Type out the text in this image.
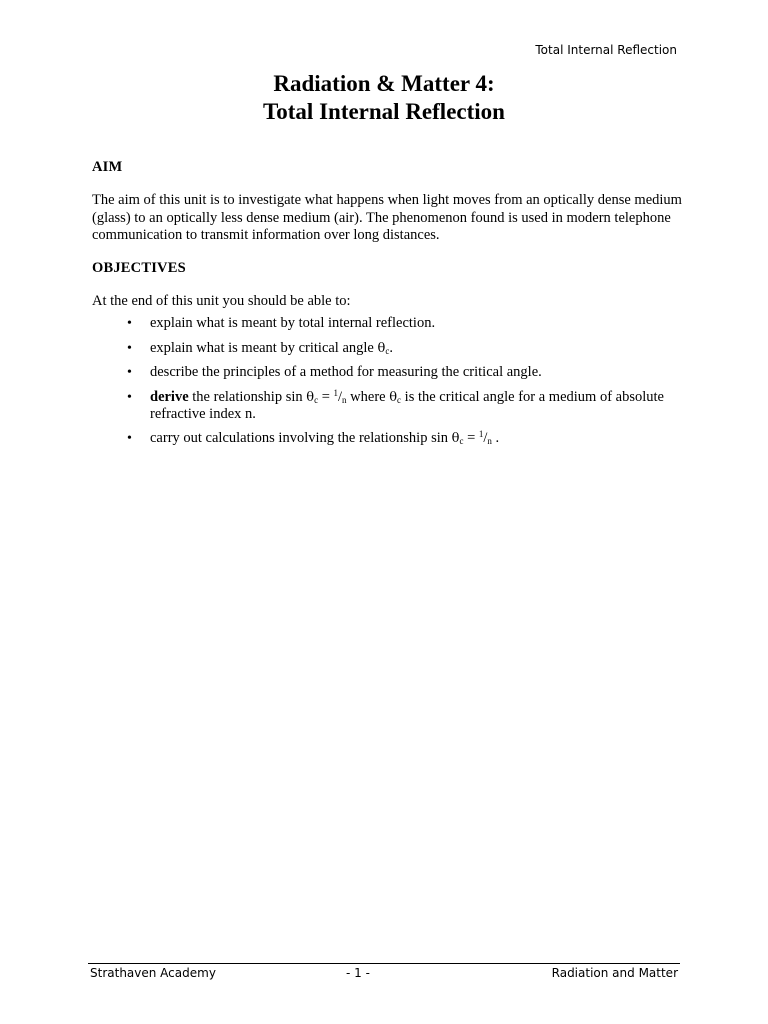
Total Internal Reflection
Radiation & Matter 4:
Total Internal Reflection
AIM
The aim of this unit is to investigate what happens when light moves from an optically dense medium (glass) to an optically less dense medium (air). The phenomenon found is used in modern telephone communication to transmit information over long distances.
OBJECTIVES
At the end of this unit you should be able to:
• explain what is meant by total internal reflection.
• explain what is meant by critical angle $\theta_c$.
• describe the principles of a method for measuring the critical angle.
• derive the relationship $\sin \theta_c = ^1/n$ where $\theta_c$ is the critical angle for a medium of absolute refractive index n.
• carry out calculations involving the relationship $\sin \theta_c = ^1/n$ .
Strathaven Academy	- 1 -	Radiation and Matter
